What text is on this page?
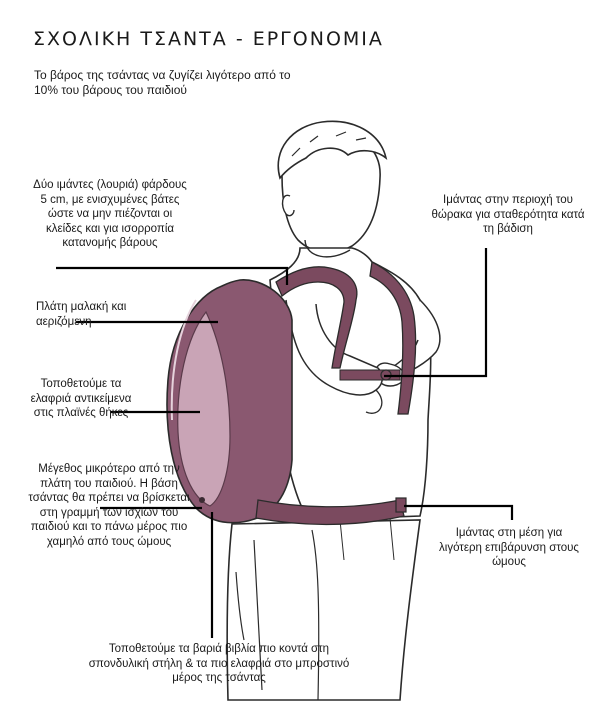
ΣΧΟΛΙΚΗ ΤΣΑΝΤΑ - ΕΡΓΟΝΟΜΙΑ
Το βάρος της τσάντας να ζυγίζει λιγότερο από το 10% του βάρους του παιδιού
Δύο ιμάντες (λουριά) φάρδους 5 cm, με ενισχυμένες βάτες ώστε να μην πιέζονται οι κλείδες και για ισορροπία κατανομής βάρους
Πλάτη μαλακή και αεριζόμενη
Τοποθετούμε τα ελαφριά αντικείμενα στις πλαϊνές θήκες
Μέγεθος μικρότερο από την πλάτη του παιδιού. Η βάση τσάντας θα πρέπει να βρίσκεται στη γραμμή των ισχίων του παιδιού και το πάνω μέρος πιο χαμηλό από τους ώμους
Ιμάντας στην περιοχή του θώρακα για σταθερότητα κατά τη βάδιση
Ιμάντας στη μέση για λιγότερη επιβάρυνση στους ώμους
Τοποθετούμε τα βαριά βιβλία πιο κοντά στη σπονδυλική στήλη & τα πιο ελαφριά στο μπροστινό μέρος της τσάντας
